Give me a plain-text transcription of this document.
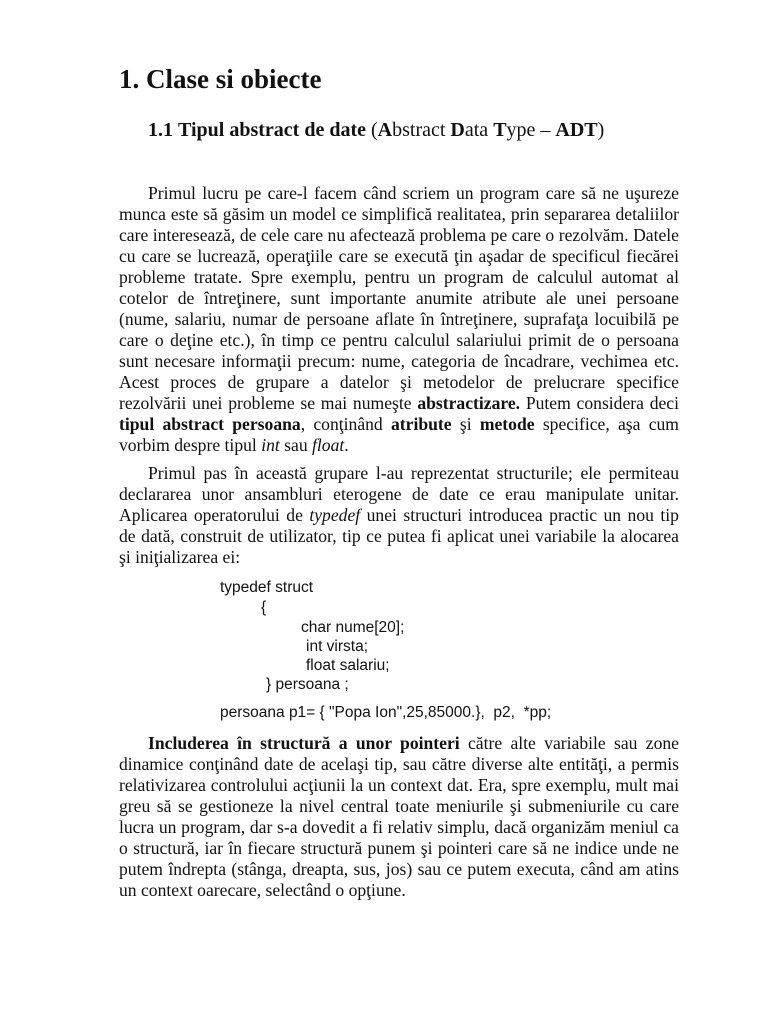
1. Clase si obiecte
1.1 Tipul abstract de date (Abstract Data Type – ADT)

Primul lucru pe care-l facem când scriem un program care să ne uşureze munca este să găsim un model ce simplifică realitatea, prin separarea detaliilor care interesează, de cele care nu afectează problema pe care o rezolvăm. Datele cu care se lucrează, operaţiile care se execută ţin aşadar de specificul fiecărei probleme tratate. Spre exemplu, pentru un program de calculul automat al cotelor de întreţinere, sunt importante anumite atribute ale unei persoane (nume, salariu, numar de persoane aflate în întreţinere, suprafaţa locuibilă pe care o deţine etc.), în timp ce pentru calculul salariului primit de o persoana sunt necesare informaţii precum: nume, categoria de încadrare, vechimea etc. Acest proces de grupare a datelor şi metodelor de prelucrare specifice rezolvării unei probleme se mai numeşte abstractizare. Putem considera deci tipul abstract persoana, conţinând atribute şi metode specifice, aşa cum vorbim despre tipul int sau float.

Primul pas în această grupare l-au reprezentat structurile; ele permiteau declararea unor ansambluri eterogene de date ce erau manipulate unitar. Aplicarea operatorului de typedef unei structuri introducea practic un nou tip de dată, construit de utilizator, tip ce putea fi aplicat unei variabile la alocarea şi iniţializarea ei:

typedef struct
{
char nume[20];
int virsta;
float salariu;
} persoana ;
persoana p1= { "Popa Ion",25,85000.},  p2,  *pp;

Includerea în structură a unor pointeri către alte variabile sau zone dinamice conţinând date de acelaşi tip, sau către diverse alte entităţi, a permis relativizarea controlului acţiunii la un context dat. Era, spre exemplu, mult mai greu să se gestioneze la nivel central toate meniurile şi submeniurile cu care lucra un program, dar s-a dovedit a fi relativ simplu, dacă organizăm meniul ca o structură, iar în fiecare structură punem şi pointeri care să ne indice unde ne putem îndrepta (stânga, dreapta, sus, jos) sau ce putem executa, când am atins un context oarecare, selectând o opţiune.
